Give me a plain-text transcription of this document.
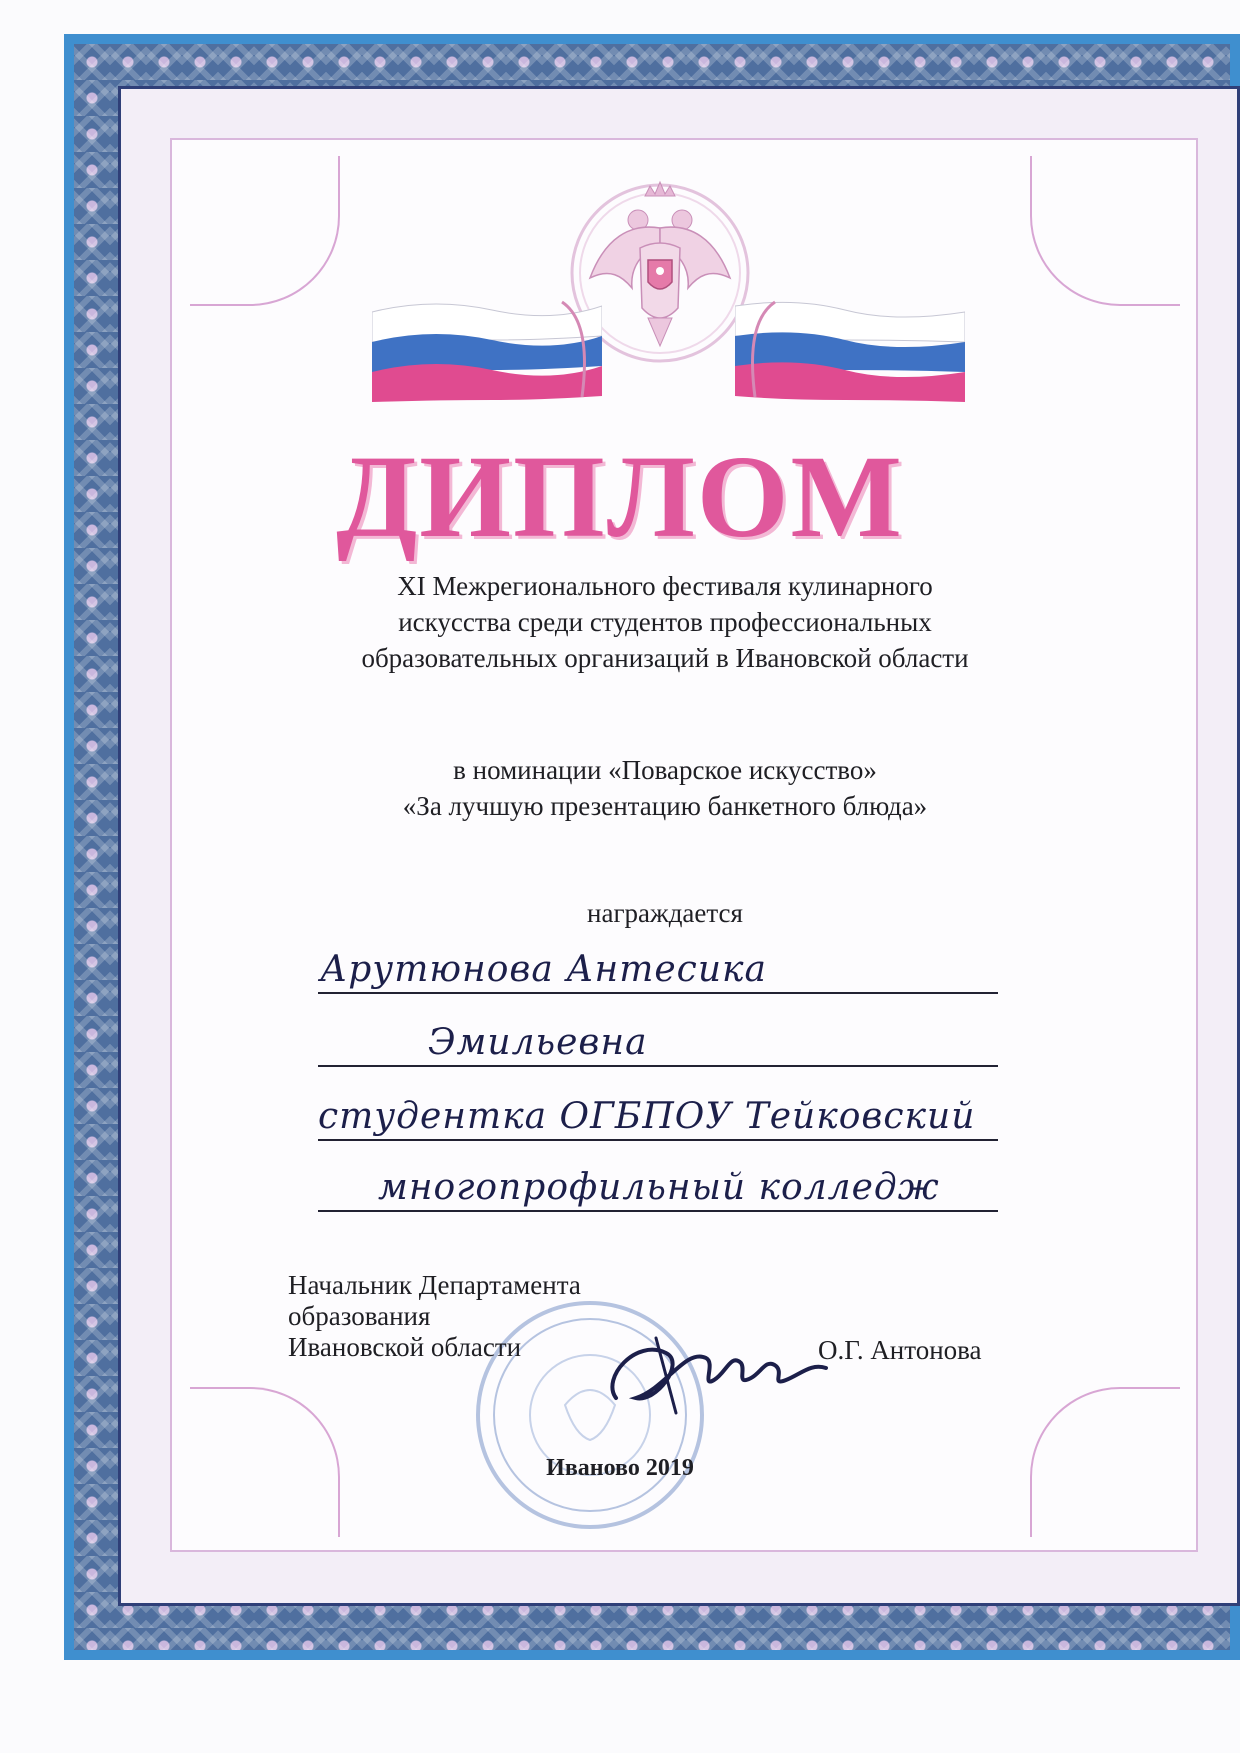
ДИПЛОМ
XI Межрегионального фестиваля кулинарного
искусства среди студентов профессиональных
образовательных организаций в Ивановской области
в номинации «Поварское искусство»
«За лучшую презентацию банкетного блюда»
награждается
Арутюнова Антесика
Эмильевна
студентка ОГБПОУ Тейковский
многопрофильный колледж
Начальник Департамента
образования
Ивановской области	О.Г. Антонова
Иваново 2019
